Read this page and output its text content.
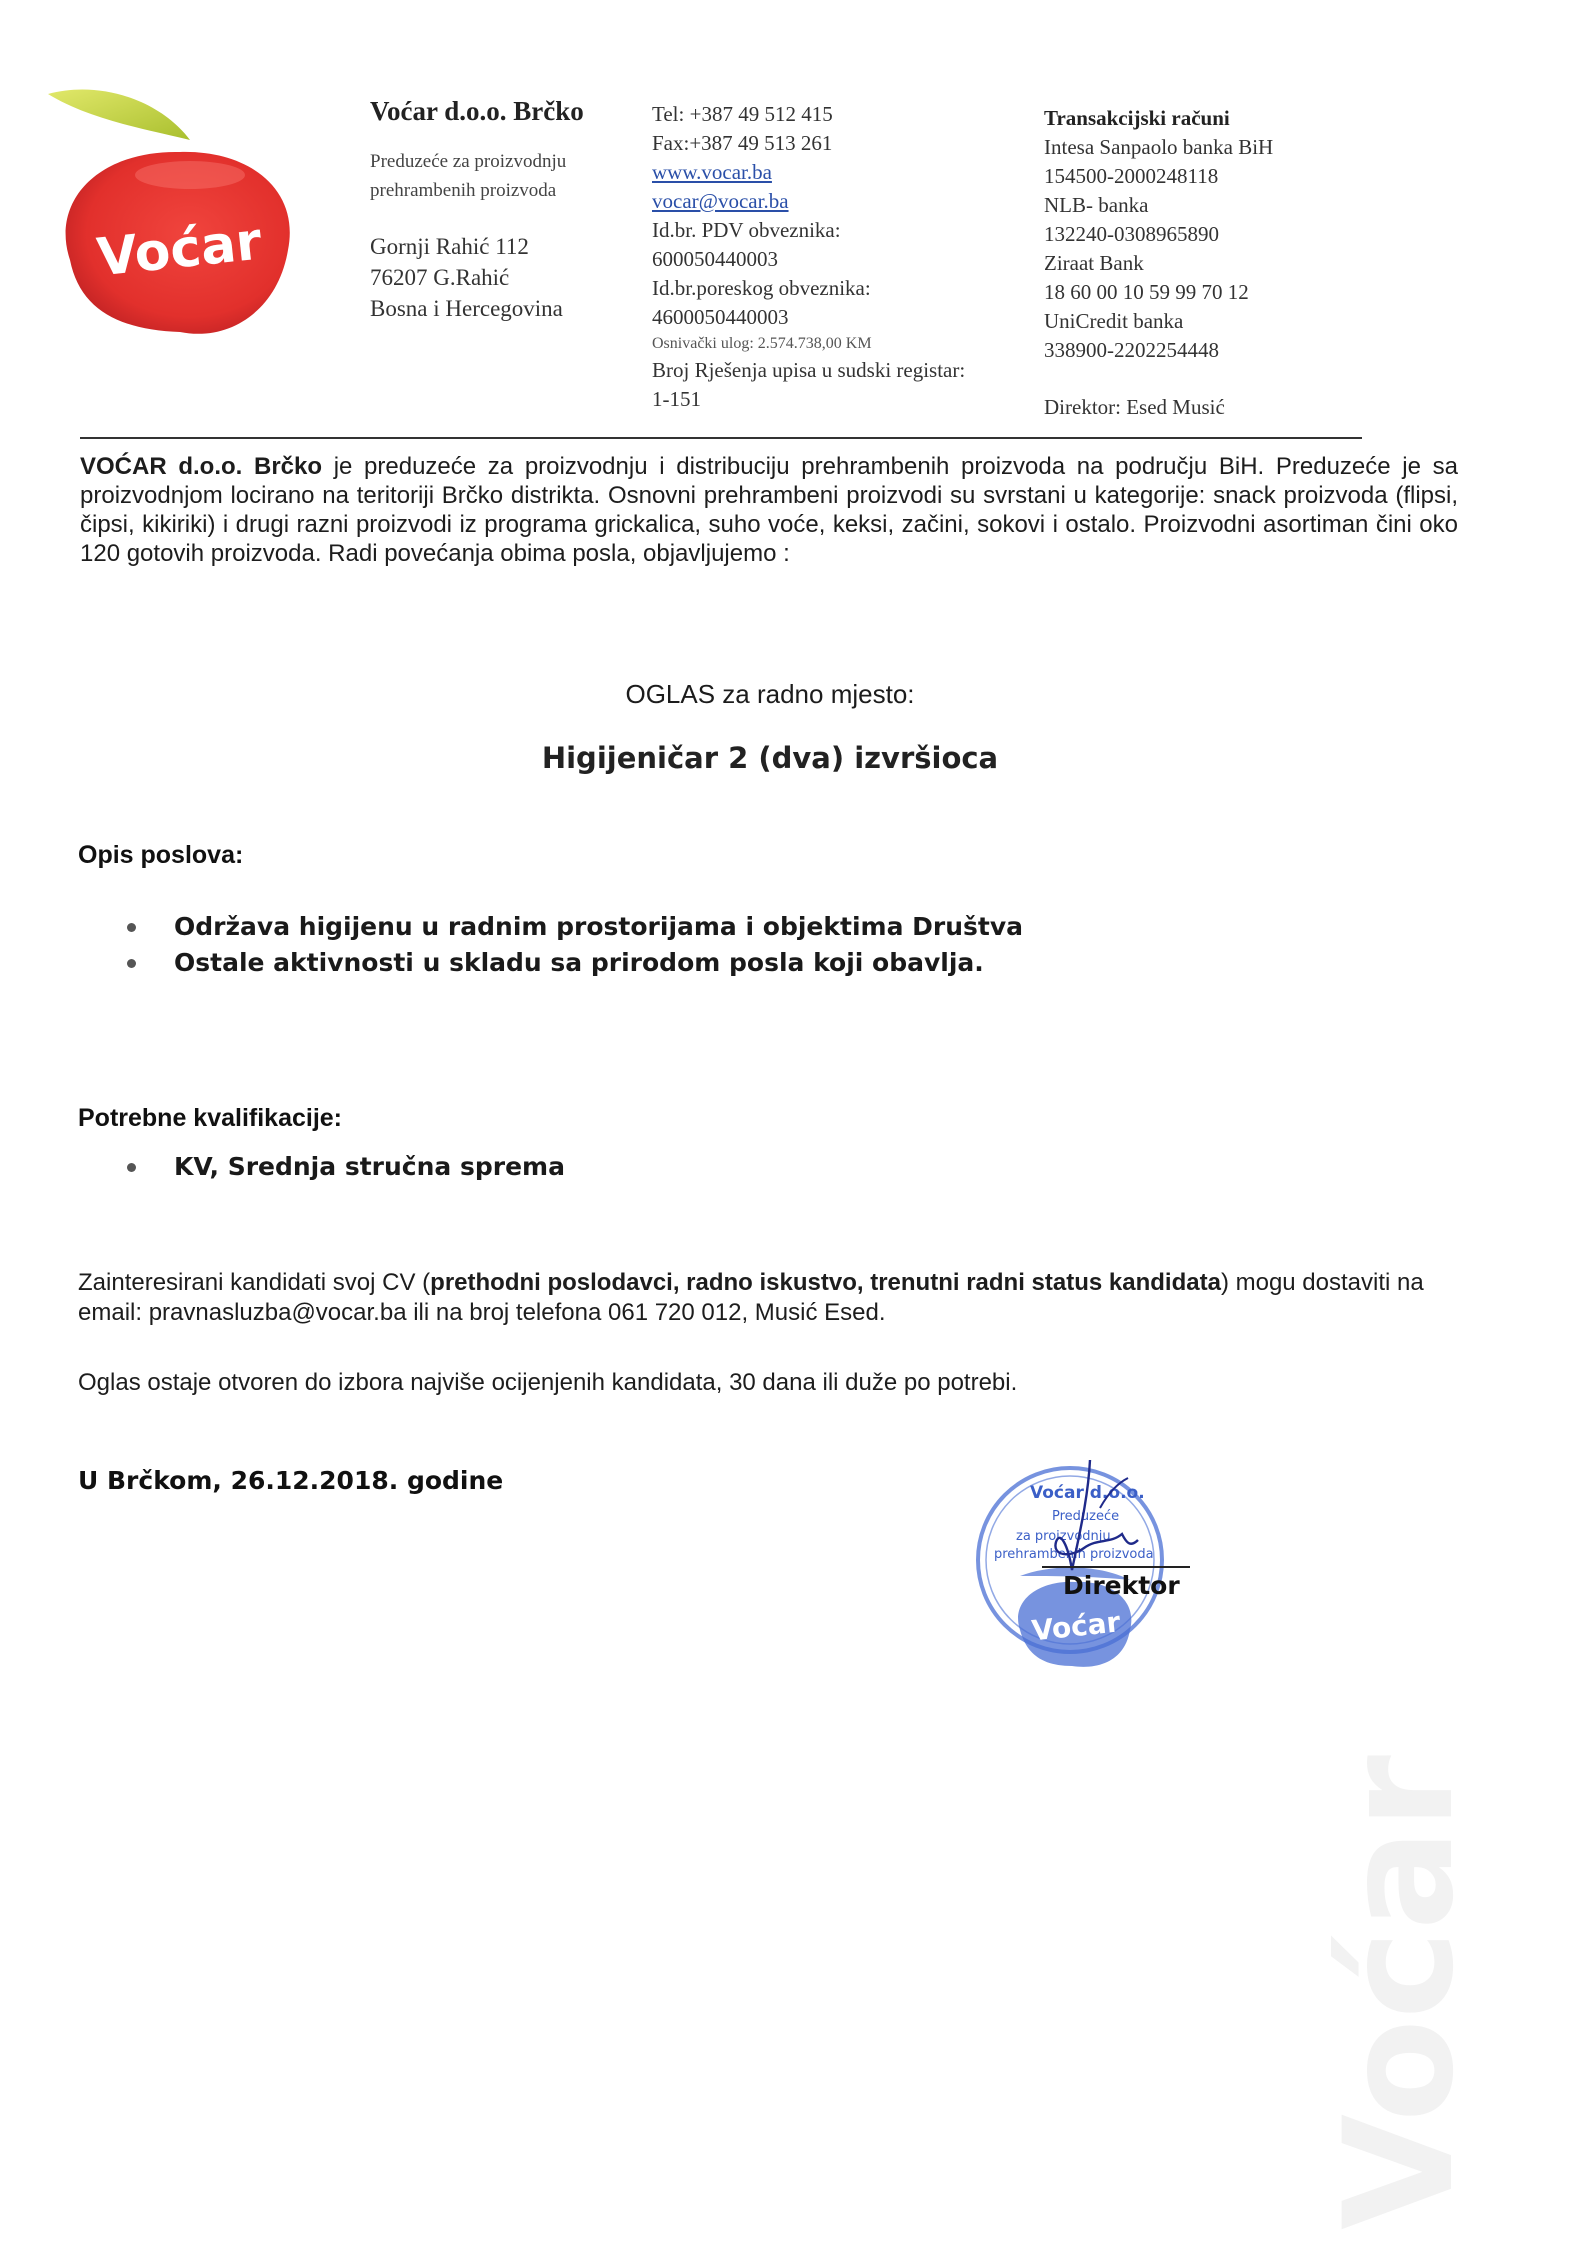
Voćar
Voćar d.o.o. Brčko
Preduzeće za proizvodnju
prehrambenih proizvoda
Gornji Rahić 112
76207 G.Rahić
Bosna i Hercegovina
Tel: +387 49 512 415
Fax:+387 49 513 261
www.vocar.ba
vocar@vocar.ba
Id.br. PDV obveznika:
600050440003
Id.br.poreskog obveznika:
4600050440003
Osnivački ulog: 2.574.738,00 KM
Broj Rješenja upisa u sudski registar:
1-151
Transakcijski računi
Intesa Sanpaolo banka BiH
154500-2000248118
NLB- banka
132240-0308965890
Ziraat Bank
18 60 00 10 59 99 70 12
UniCredit banka
338900-2202254448
Direktor: Esed Musić
VOĆAR d.o.o. Brčko je preduzeće za proizvodnju i distribuciju prehrambenih proizvoda na području BiH. Preduzeće je sa proizvodnjom locirano na teritoriji Brčko distrikta. Osnovni prehrambeni proizvodi su svrstani u kategorije: snack proizvoda (flipsi, čipsi, kikiriki) i drugi razni proizvodi iz programa grickalica, suho voće, keksi, začini, sokovi i ostalo. Proizvodni asortiman čini oko 120 gotovih proizvoda. Radi povećanja obima posla, objavljujemo :
OGLAS za radno mjesto:
Higijeničar 2 (dva) izvršioca
Opis poslova:
Održava higijenu u radnim prostorijama i objektima Društva
Ostale aktivnosti u skladu sa prirodom posla koji obavlja.
Potrebne kvalifikacije:
KV, Srednja stručna sprema
Zainteresirani kandidati svoj CV (prethodni poslodavci, radno iskustvo, trenutni radni status kandidata) mogu dostaviti na email: pravnasluzba@vocar.ba ili na broj telefona 061 720 012, Musić Esed.
Oglas ostaje otvoren do izbora najviše ocijenjenih kandidata, 30 dana ili duže po potrebi.
U Brčkom, 26.12.2018. godine	Voćar d.o.o.
Preduzeće
za proizvodnju
prehrambenih proizvoda
Voćar
Direktor
Voćar
